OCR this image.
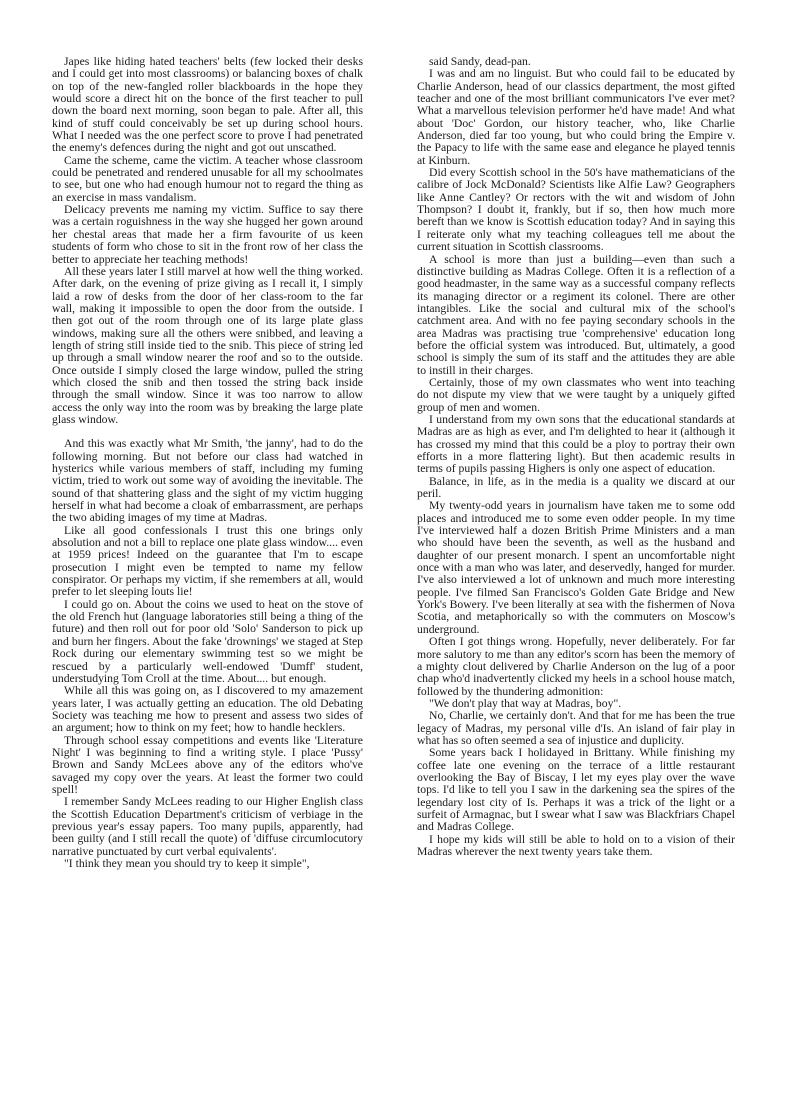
Japes like hiding hated teachers' belts (few locked their desks and I could get into most classrooms) or balancing boxes of chalk on top of the new-fangled roller blackboards in the hope they would score a direct hit on the bonce of the first teacher to pull down the board next morning, soon began to pale. After all, this kind of stuff could conceivably be set up during school hours. What I needed was the one perfect score to prove I had penetrated the enemy's defences during the night and got out unscathed.

Came the scheme, came the victim. A teacher whose classroom could be penetrated and rendered unusable for all my schoolmates to see, but one who had enough humour not to regard the thing as an exercise in mass vandalism.

Delicacy prevents me naming my victim. Suffice to say there was a certain roguishness in the way she hugged her gown around her chestal areas that made her a firm favourite of us keen students of form who chose to sit in the front row of her class the better to appreciate her teaching methods!

All these years later I still marvel at how well the thing worked. After dark, on the evening of prize giving as I recall it, I simply laid a row of desks from the door of her class-room to the far wall, making it impossible to open the door from the outside. I then got out of the room through one of its large plate glass windows, making sure all the others were snibbed, and leaving a length of string still inside tied to the snib. This piece of string led up through a small window nearer the roof and so to the outside. Once outside I simply closed the large window, pulled the string which closed the snib and then tossed the string back inside through the small window. Since it was too narrow to allow access the only way into the room was by breaking the large plate glass window.

And this was exactly what Mr Smith, 'the janny', had to do the following morning. But not before our class had watched in hysterics while various members of staff, including my fuming victim, tried to work out some way of avoiding the inevitable. The sound of that shattering glass and the sight of my victim hugging herself in what had become a cloak of embarrassment, are perhaps the two abiding images of my time at Madras.

Like all good confessionals I trust this one brings only absolution and not a bill to replace one plate glass window.... even at 1959 prices! Indeed on the guarantee that I'm to escape prosecution I might even be tempted to name my fellow conspirator. Or perhaps my victim, if she remembers at all, would prefer to let sleeping louts lie!

I could go on. About the coins we used to heat on the stove of the old French hut (language laboratories still being a thing of the future) and then roll out for poor old 'Solo' Sanderson to pick up and burn her fingers. About the fake 'drownings' we staged at Step Rock during our elementary swimming test so we might be rescued by a particularly well-endowed 'Dumff' student, understudying Tom Croll at the time. About.... but enough.

While all this was going on, as I discovered to my amazement years later, I was actually getting an education. The old Debating Society was teaching me how to present and assess two sides of an argument; how to think on my feet; how to handle hecklers.

Through school essay competitions and events like 'Literature Night' I was beginning to find a writing style. I place 'Pussy' Brown and Sandy McLees above any of the editors who've savaged my copy over the years. At least the former two could spell!

I remember Sandy McLees reading to our Higher English class the Scottish Education Department's criticism of verbiage in the previous year's essay papers. Too many pupils, apparently, had been guilty (and I still recall the quote) of 'diffuse circumlocutory narrative punctuated by curt verbal equivalents'.

"I think they mean you should try to keep it simple",

said Sandy, dead-pan.

I was and am no linguist. But who could fail to be educated by Charlie Anderson, head of our classics department, the most gifted teacher and one of the most brilliant communicators I've ever met? What a marvellous television performer he'd have made! And what about 'Doc' Gordon, our history teacher, who, like Charlie Anderson, died far too young, but who could bring the Empire v. the Papacy to life with the same ease and elegance he played tennis at Kinburn.

Did every Scottish school in the 50's have mathematicians of the calibre of Jock McDonald? Scientists like Alfie Law? Geographers like Anne Cantley? Or rectors with the wit and wisdom of John Thompson? I doubt it, frankly, but if so, then how much more bereft than we know is Scottish education today? And in saying this I reiterate only what my teaching colleagues tell me about the current situation in Scottish classrooms.

A school is more than just a building—even than such a distinctive building as Madras College. Often it is a reflection of a good headmaster, in the same way as a successful company reflects its managing director or a regiment its colonel. There are other intangibles. Like the social and cultural mix of the school's catchment area. And with no fee paying secondary schools in the area Madras was practising true 'comprehensive' education long before the official system was introduced. But, ultimately, a good school is simply the sum of its staff and the attitudes they are able to instill in their charges.

Certainly, those of my own classmates who went into teaching do not dispute my view that we were taught by a uniquely gifted group of men and women.

I understand from my own sons that the educational standards at Madras are as high as ever, and I'm delighted to hear it (although it has crossed my mind that this could be a ploy to portray their own efforts in a more flattering light). But then academic results in terms of pupils passing Highers is only one aspect of education.

Balance, in life, as in the media is a quality we discard at our peril.

My twenty-odd years in journalism have taken me to some odd places and introduced me to some even odder people. In my time I've interviewed half a dozen British Prime Ministers and a man who should have been the seventh, as well as the husband and daughter of our present monarch. I spent an uncomfortable night once with a man who was later, and deservedly, hanged for murder. I've also interviewed a lot of unknown and much more interesting people. I've filmed San Francisco's Golden Gate Bridge and New York's Bowery. I've been literally at sea with the fishermen of Nova Scotia, and metaphorically so with the commuters on Moscow's underground.

Often I got things wrong. Hopefully, never deliberately. For far more salutory to me than any editor's scorn has been the memory of a mighty clout delivered by Charlie Anderson on the lug of a poor chap who'd inadvertently clicked my heels in a school house match, followed by the thundering admonition:

"We don't play that way at Madras, boy".

No, Charlie, we certainly don't. And that for me has been the true legacy of Madras, my personal ville d'Is. An island of fair play in what has so often seemed a sea of injustice and duplicity.

Some years back I holidayed in Brittany. While finishing my coffee late one evening on the terrace of a little restaurant overlooking the Bay of Biscay, I let my eyes play over the wave tops. I'd like to tell you I saw in the darkening sea the spires of the legendary lost city of Is. Perhaps it was a trick of the light or a surfeit of Armagnac, but I swear what I saw was Blackfriars Chapel and Madras College.

I hope my kids will still be able to hold on to a vision of their Madras wherever the next twenty years take them.
